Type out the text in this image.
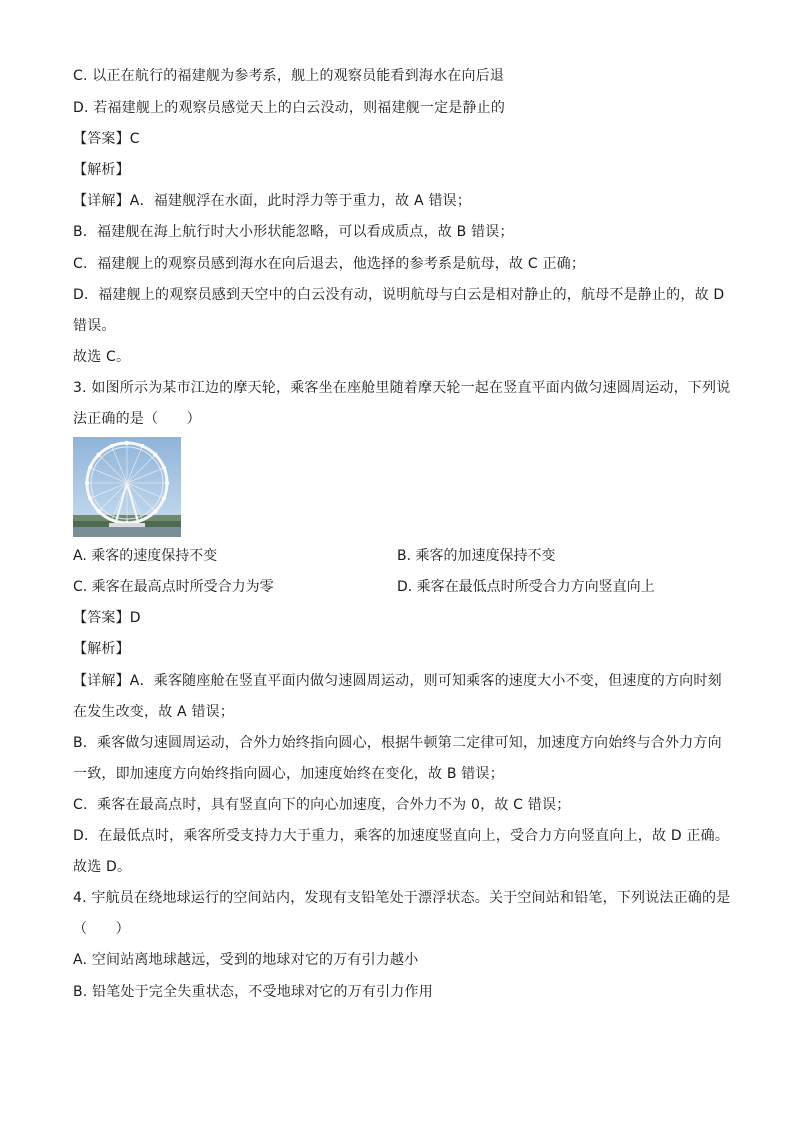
C. 以正在航行的福建舰为参考系，舰上的观察员能看到海水在向后退
D. 若福建舰上的观察员感觉天上的白云没动，则福建舰一定是静止的
【答案】C
【解析】
【详解】A．福建舰浮在水面，此时浮力等于重力，故 A 错误；
B．福建舰在海上航行时大小形状能忽略，可以看成质点，故 B 错误；
C．福建舰上的观察员感到海水在向后退去，他选择的参考系是航母，故 C 正确；
D．福建舰上的观察员感到天空中的白云没有动，说明航母与白云是相对静止的，航母不是静止的，故 D
错误。
故选 C。
3. 如图所示为某市江边的摩天轮，乘客坐在座舱里随着摩天轮一起在竖直平面内做匀速圆周运动，下列说
法正确的是（　　）
A. 乘客的速度保持不变	B. 乘客的加速度保持不变
C. 乘客在最高点时所受合力为零	D. 乘客在最低点时所受合力方向竖直向上
【答案】D
【解析】
【详解】A．乘客随座舱在竖直平面内做匀速圆周运动，则可知乘客的速度大小不变，但速度的方向时刻
在发生改变，故 A 错误；
B．乘客做匀速圆周运动，合外力始终指向圆心，根据牛顿第二定律可知，加速度方向始终与合外力方向
一致，即加速度方向始终指向圆心，加速度始终在变化，故 B 错误；
C．乘客在最高点时，具有竖直向下的向心加速度，合外力不为 0，故 C 错误；
D．在最低点时，乘客所受支持力大于重力，乘客的加速度竖直向上，受合力方向竖直向上，故 D 正确。
故选 D。
4. 宇航员在绕地球运行的空间站内，发现有支铅笔处于漂浮状态。关于空间站和铅笔，下列说法正确的是
（　　）
A. 空间站离地球越远，受到的地球对它的万有引力越小
B. 铅笔处于完全失重状态，不受地球对它的万有引力作用
